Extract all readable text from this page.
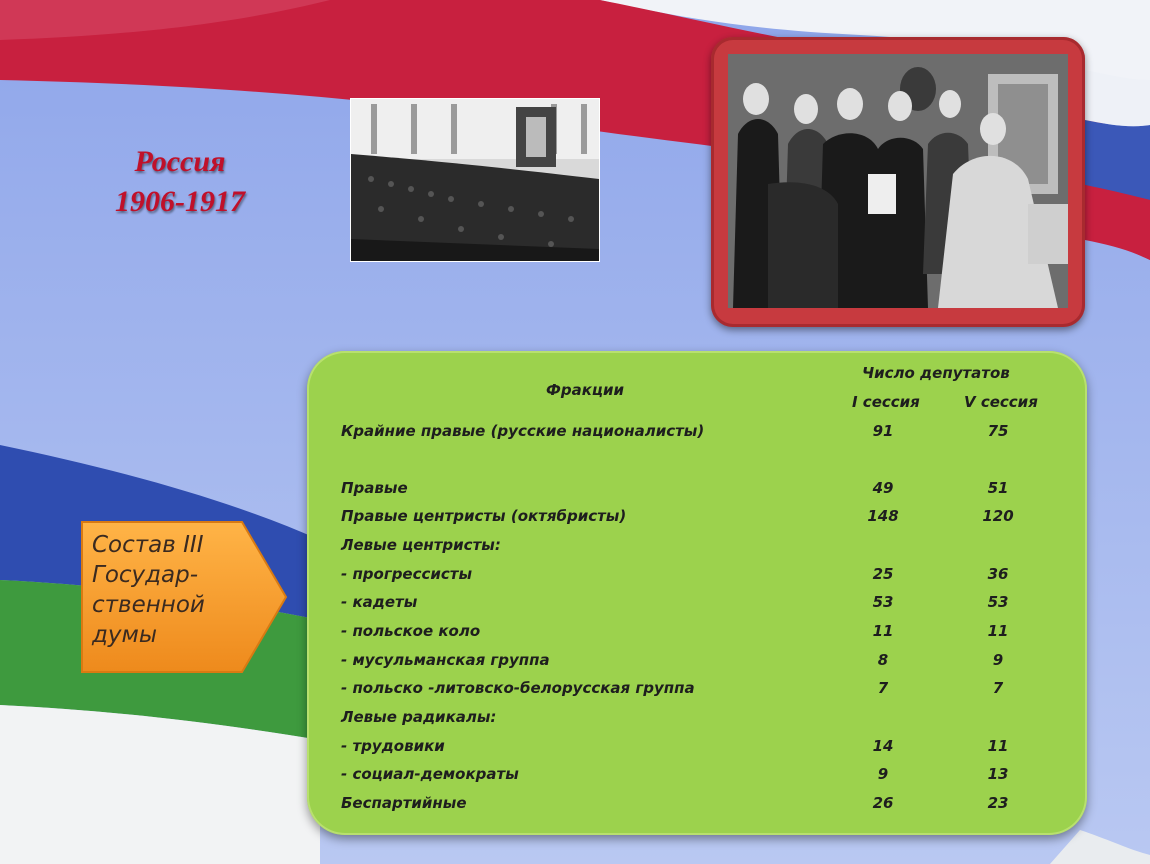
Россия
1906-1917
Состав III
Государ-
ственной
думы
Фракции
Число депутатов
I сессия	V сессия
Крайние правые (русские националисты)	91	75
Правые	49	51
Правые центристы (октябристы)	148	120
Левые центристы:
- прогрессисты	25	36
- кадеты	53	53
- польское коло	11	11
- мусульманская группа	8	9
- польско -литовско-белорусская группа	7	7
Левые радикалы:
- трудовики	14	11
- социал-демократы	9	13
Беспартийные	26	23
